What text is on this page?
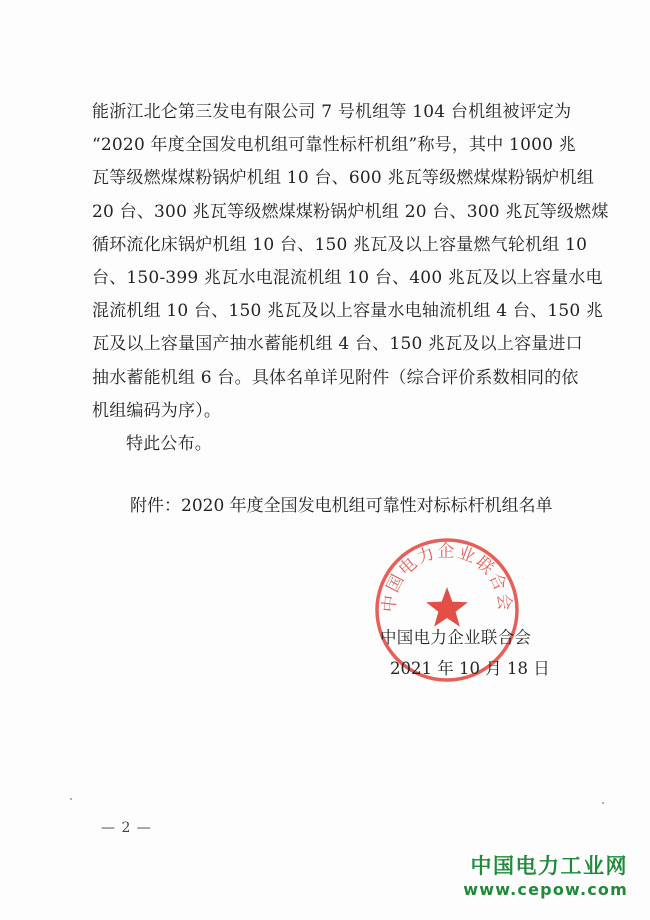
能浙江北仑第三发电有限公司 7 号机组等 104 台机组被评定为
“2020 年度全国发电机组可靠性标杆机组”称号，其中 1000 兆
瓦等级燃煤煤粉锅炉机组 10 台、600 兆瓦等级燃煤煤粉锅炉机组
20 台、300 兆瓦等级燃煤煤粉锅炉机组 20 台、300 兆瓦等级燃煤
循环流化床锅炉机组 10 台、150 兆瓦及以上容量燃气轮机组 10
台、150-399 兆瓦水电混流机组 10 台、400 兆瓦及以上容量水电
混流机组 10 台、150 兆瓦及以上容量水电轴流机组 4 台、150 兆
瓦及以上容量国产抽水蓄能机组 4 台、150 兆瓦及以上容量进口
抽水蓄能机组 6 台。具体名单详见附件（综合评价系数相同的依
机组编码为序）。
特此公布。
附件：2020 年度全国发电机组可靠性对标标杆机组名单
中国电力企业联合会
中国电力企业联合会
2021 年 10 月 18 日
— 2 —
中国电力工业网
www.cepow.com
